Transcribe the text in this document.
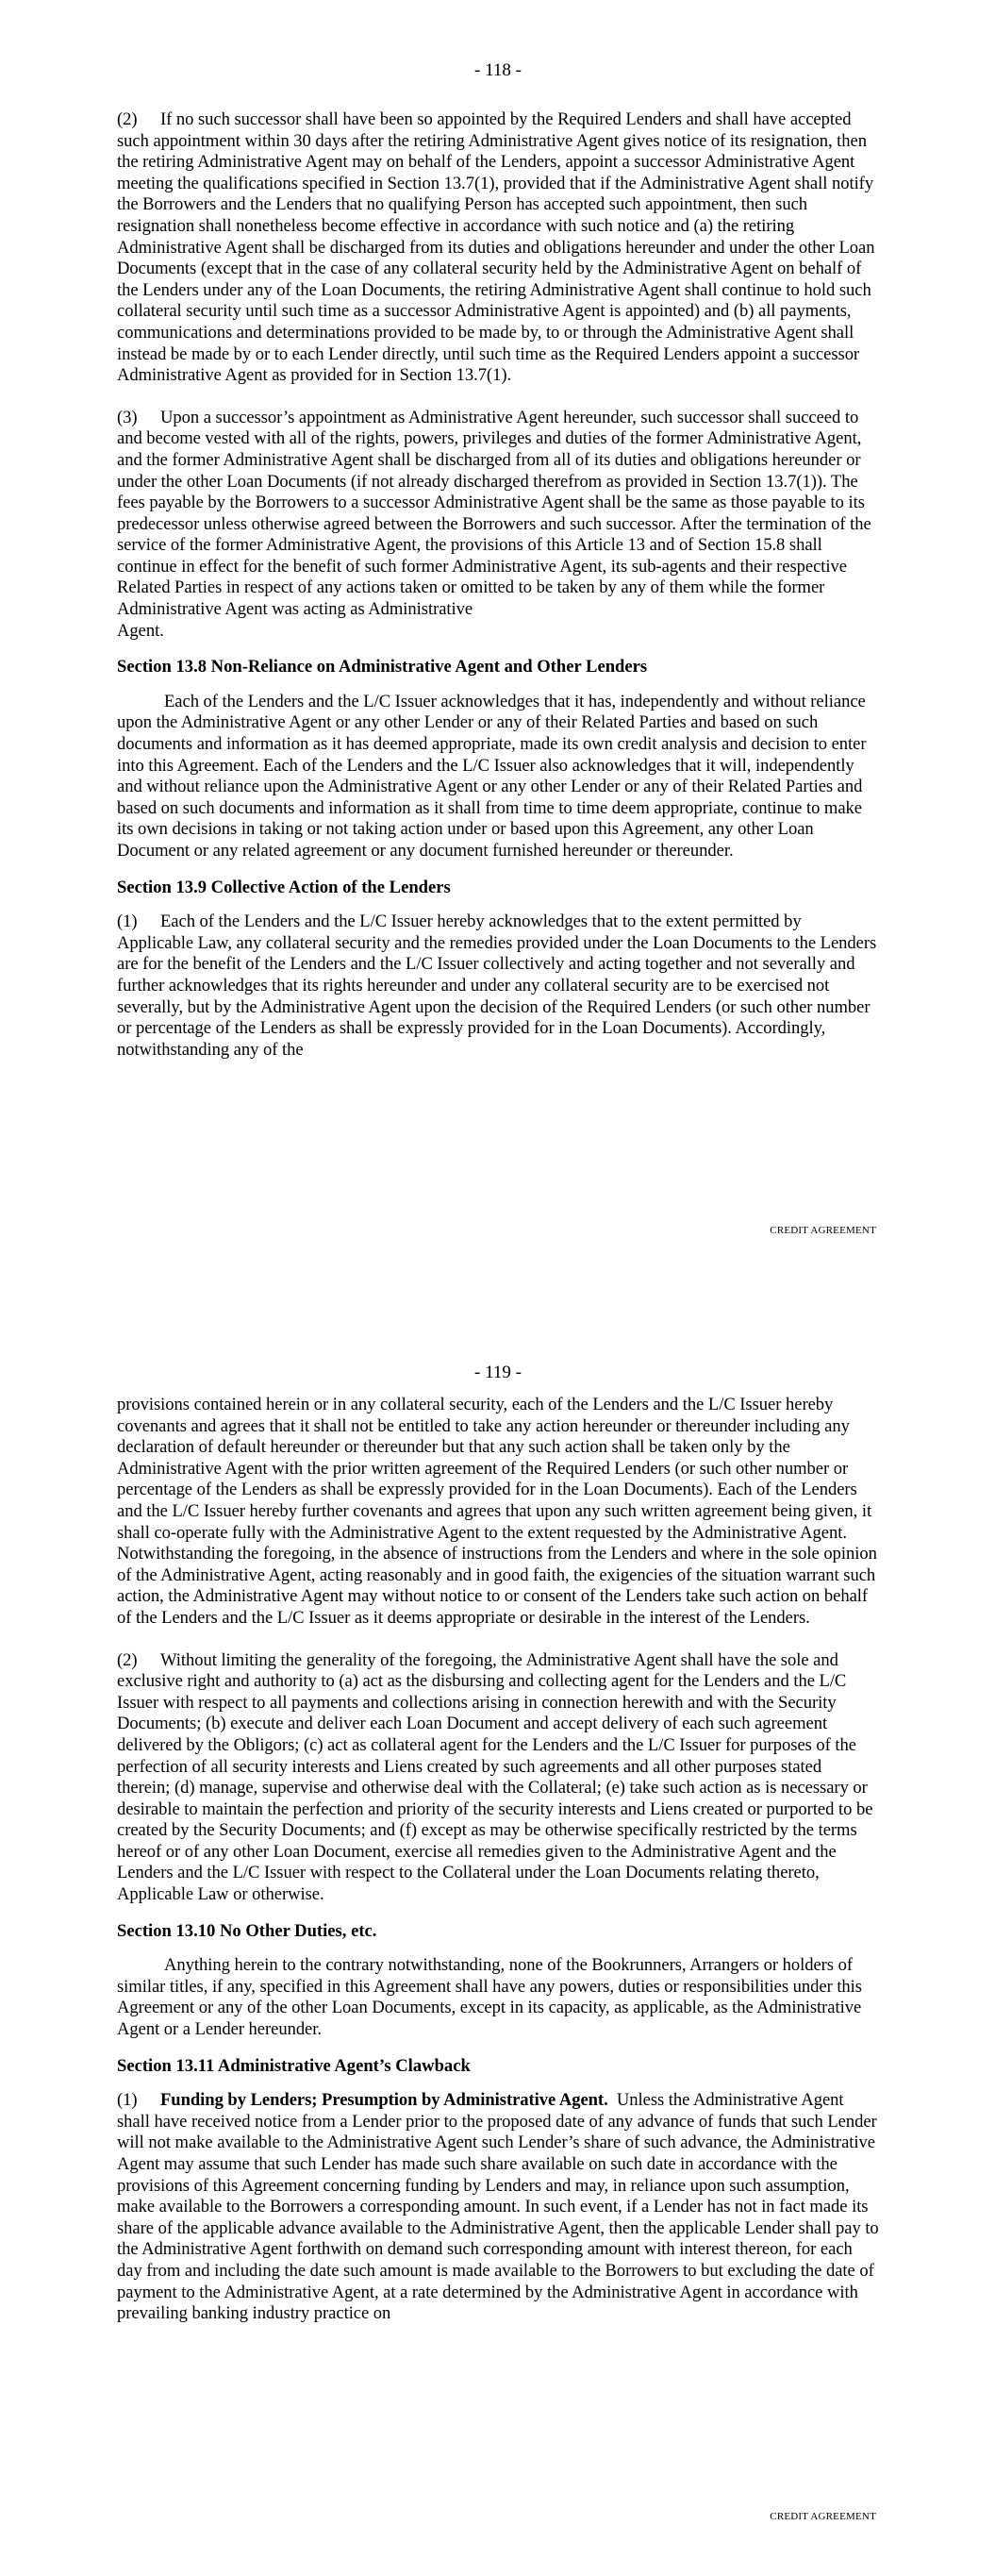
- 118 -

(2) If no such successor shall have been so appointed by the Required Lenders and shall have accepted such appointment within 30 days after the retiring Administrative Agent gives notice of its resignation, then the retiring Administrative Agent may on behalf of the Lenders, appoint a successor Administrative Agent meeting the qualifications specified in Section 13.7(1), provided that if the Administrative Agent shall notify the Borrowers and the Lenders that no qualifying Person has accepted such appointment, then such resignation shall nonetheless become effective in accordance with such notice and (a) the retiring Administrative Agent shall be discharged from its duties and obligations hereunder and under the other Loan Documents (except that in the case of any collateral security held by the Administrative Agent on behalf of the Lenders under any of the Loan Documents, the retiring Administrative Agent shall continue to hold such collateral security until such time as a successor Administrative Agent is appointed) and (b) all payments, communications and determinations provided to be made by, to or through the Administrative Agent shall instead be made by or to each Lender directly, until such time as the Required Lenders appoint a successor Administrative Agent as provided for in Section 13.7(1).

(3) Upon a successor’s appointment as Administrative Agent hereunder, such successor shall succeed to and become vested with all of the rights, powers, privileges and duties of the former Administrative Agent, and the former Administrative Agent shall be discharged from all of its duties and obligations hereunder or under the other Loan Documents (if not already discharged therefrom as provided in Section 13.7(1)). The fees payable by the Borrowers to a successor Administrative Agent shall be the same as those payable to its predecessor unless otherwise agreed between the Borrowers and such successor. After the termination of the service of the former Administrative Agent, the provisions of this Article 13 and of Section 15.8 shall continue in effect for the benefit of such former Administrative Agent, its sub-agents and their respective Related Parties in respect of any actions taken or omitted to be taken by any of them while the former Administrative Agent was acting as Administrative

Agent.

Section 13.8 Non-Reliance on Administrative Agent and Other Lenders

Each of the Lenders and the L/C Issuer acknowledges that it has, independently and without reliance upon the Administrative Agent or any other Lender or any of their Related Parties and based on such documents and information as it has deemed appropriate, made its own credit analysis and decision to enter into this Agreement. Each of the Lenders and the L/C Issuer also acknowledges that it will, independently and without reliance upon the Administrative Agent or any other Lender or any of their Related Parties and based on such documents and information as it shall from time to time deem appropriate, continue to make its own decisions in taking or not taking action under or based upon this Agreement, any other Loan Document or any related agreement or any document furnished hereunder or thereunder.

Section 13.9 Collective Action of the Lenders

(1) Each of the Lenders and the L/C Issuer hereby acknowledges that to the extent permitted by Applicable Law, any collateral security and the remedies provided under the Loan Documents to the Lenders are for the benefit of the Lenders and the L/C Issuer collectively and acting together and not severally and further acknowledges that its rights hereunder and under any collateral security are to be exercised not severally, but by the Administrative Agent upon the decision of the Required Lenders (or such other number or percentage of the Lenders as shall be expressly provided for in the Loan Documents). Accordingly, notwithstanding any of the

CREDIT AGREEMENT
- 119 -

provisions contained herein or in any collateral security, each of the Lenders and the L/C Issuer hereby covenants and agrees that it shall not be entitled to take any action hereunder or thereunder including any declaration of default hereunder or thereunder but that any such action shall be taken only by the Administrative Agent with the prior written agreement of the Required Lenders (or such other number or percentage of the Lenders as shall be expressly provided for in the Loan Documents). Each of the Lenders and the L/C Issuer hereby further covenants and agrees that upon any such written agreement being given, it shall co-operate fully with the Administrative Agent to the extent requested by the Administrative Agent. Notwithstanding the foregoing, in the absence of instructions from the Lenders and where in the sole opinion of the Administrative Agent, acting reasonably and in good faith, the exigencies of the situation warrant such action, the Administrative Agent may without notice to or consent of the Lenders take such action on behalf of the Lenders and the L/C Issuer as it deems appropriate or desirable in the interest of the Lenders.

(2) Without limiting the generality of the foregoing, the Administrative Agent shall have the sole and exclusive right and authority to (a) act as the disbursing and collecting agent for the Lenders and the L/C Issuer with respect to all payments and collections arising in connection herewith and with the Security Documents; (b) execute and deliver each Loan Document and accept delivery of each such agreement delivered by the Obligors; (c) act as collateral agent for the Lenders and the L/C Issuer for purposes of the perfection of all security interests and Liens created by such agreements and all other purposes stated therein; (d) manage, supervise and otherwise deal with the Collateral; (e) take such action as is necessary or desirable to maintain the perfection and priority of the security interests and Liens created or purported to be created by the Security Documents; and (f) except as may be otherwise specifically restricted by the terms hereof or of any other Loan Document, exercise all remedies given to the Administrative Agent and the Lenders and the L/C Issuer with respect to the Collateral under the Loan Documents relating thereto, Applicable Law or otherwise.

Section 13.10 No Other Duties, etc.

Anything herein to the contrary notwithstanding, none of the Bookrunners, Arrangers or holders of similar titles, if any, specified in this Agreement shall have any powers, duties or responsibilities under this Agreement or any of the other Loan Documents, except in its capacity, as applicable, as the Administrative Agent or a Lender hereunder.

Section 13.11 Administrative Agent’s Clawback

(1) Funding by Lenders; Presumption by Administrative Agent. Unless the Administrative Agent shall have received notice from a Lender prior to the proposed date of any advance of funds that such Lender will not make available to the Administrative Agent such Lender’s share of such advance, the Administrative Agent may assume that such Lender has made such share available on such date in accordance with the provisions of this Agreement concerning funding by Lenders and may, in reliance upon such assumption, make available to the Borrowers a corresponding amount. In such event, if a Lender has not in fact made its share of the applicable advance available to the Administrative Agent, then the applicable Lender shall pay to the Administrative Agent forthwith on demand such corresponding amount with interest thereon, for each day from and including the date such amount is made available to the Borrowers to but excluding the date of payment to the Administrative Agent, at a rate determined by the Administrative Agent in accordance with prevailing banking industry practice on

CREDIT AGREEMENT
